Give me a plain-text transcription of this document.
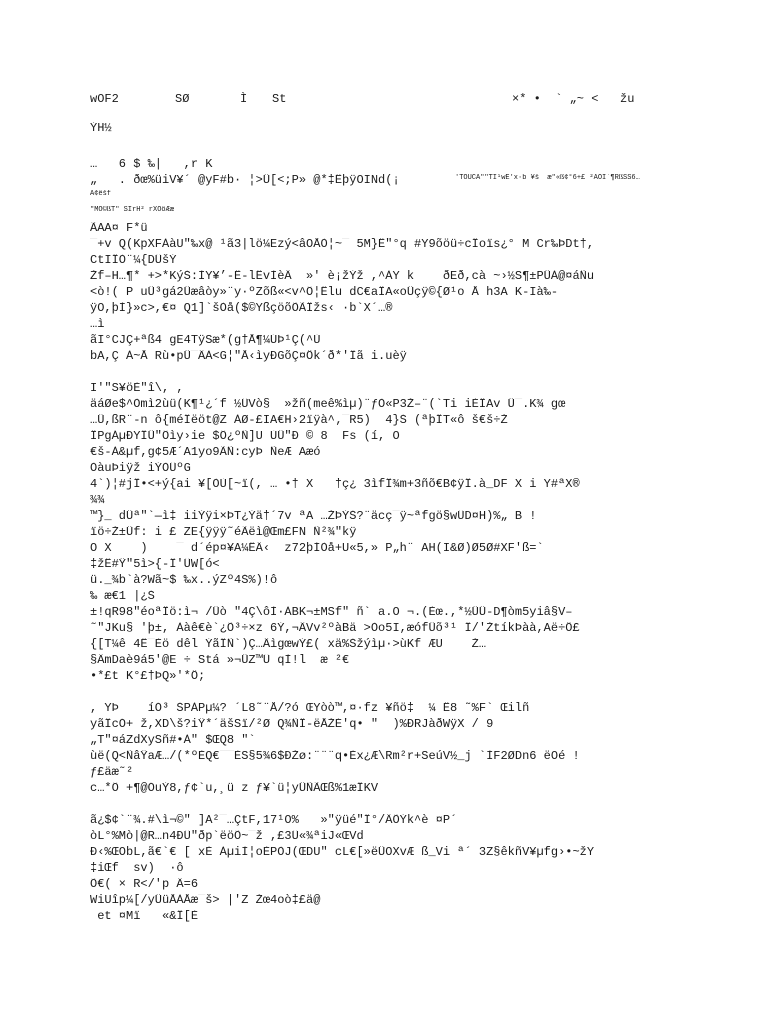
wOF2	SØ	Ì St	×* •  ` „~ <   žu
ÝH½
…   6 $ ‰|   ,r K
„   . ðœ%üiV¥´ @yF#b· ¦>Ü[<;P» @*‡ÊþÿOINd(¡
ÃAA¤ F*ü
¯+v Q(KpXFÀàU"‰x@ ¹ã3|lö¼Ezý<âOÅÒ¦~¯ 5M}Ë"°q #Y9õöü÷cÏoïs¿° M Cr‰ÞDt†,
CtIÏÒ¨¼{DÛšÝ
Žf–H…¶* +>*KýŠ:ÌY¥’-Ë-lÊvÌèÄ  »' è¡žÝž ,^ÀY k    ðEð,cà ~›½S¶±PÜÀ@¤áÑu
<ò!( P uÜ³gá2Üæâòy»¨y·ºZõß«<v^Ô¦Ëlu dC€aÏA«oÜçÿ©{Ø¹o Å h3A K-Ià‰-
ÿO,þÌ}»c>,€¤ Q1]`šÒå($©YßçöõÕÃÏžs‹ ·b`X´…®
…ì
ãI°CJÇ+ªß4 gE4TÿSæ*(g†Å¶¼ÚÞ¹Ç(^Ù
bA,Ç À~Å Rù•pÜ¯ÂÀ<G¦"Å‹ìyÐGõÇ¤Ök´ð*'Ïã i.uèÿ
I'"S¥öÈ"î\, ,
äáØe$^Òmì2ùü(K¶¹¿´f ½ÛVò§  »žñ(meê%ìµ)¨ƒÒ«P3Ž–¨(`Ti iÈÏAv Ü¯.K¾ gœ
…Ü,ßR¨-n ô{méÎëöt@Z ÀØ-£IA€H›2ïÿà^‚¯R5)  4}Š (ªþÏT«ô š€š÷Ž
ÏPgÁµÐYÏÜ"Ôìy›ie $Ô¿ºÑ]U ÙÜ"Ð © 8  Fs (í, O
€š-À&µf,g¢5Æ´A1yo9ÃÑ:cyÞ ÑeÆ Aæó
ÒàuÞiÿž iÝÒÛºG
4`)¦#jÏ•<+ý{ai ¥[ÒÙ[~ï(, … •† X   †ç¿ 3ìfÎ¾m+3ñõ€B¢ÿÎ.à_DF X i Y#ªX®
¾¾
™}_ dÜª"`—ì‡ iiÝÿi×ÞT¿Ýä†´7v ªA …ŽÞÝŠ?¨äcç¯ÿ~ªfgö§wÛD¤H)%„ B !
ïö÷Ž±Üf: i £ ZE{ÿÿÿ˜éÃëì@Œm£FN Ñ²¾"kÿ
O X    )    ¯ d´ép¤¥A¼ËÄ‹  z72þÍÒå+U«5,» P„h¨ AH(I&Ø)Ø5Ø#XF'ß=`
‡žÊ#Ÿ"5ì>{-Î'ÛW[ó<
ü._¾b`à?Wã~$ ‰x..ýZº4Š%)!ô
‰ æ€1 |¿Š
±!qR98"éoªÏö:ì¬ /Üò "4Ç\ôÌ·ÀBK¬±MSf" ñ` a.O ¬.(Èœ.,*½ÜÜ-D¶òm5yiâ§V–
˜"JKu§ 'þ±, Ààê€è`¿Õ³÷×z 6Ý,¬ÂVv²ºàBä >Òo5I,æófÜõ³¹ Ï/'ŽtíkÞàà,Aë÷Ö£
{[T¼ê 4Ë¯Èö dêl ÝãÏÑ`)Ç…ÄìgœwÝ£( xä%Šžýìµ·>ùKf ÆU    Ž…
§ÂmDaè9á5'@E ÷ Stá »¬ÜZ™Û qÌ!l  æ ²€
•*£t K°£†ÞQ»'*Ö;
, YÞ    íÓ³ ŠPÀPµ¼? ´L8˜¨Å/?ó ŒYòò™,¤·fz ¥ñö‡  ¼ Ë8 ˜%F` Œilñ
yãÎcÓ+ ž,XD\š?iŸ*´äšSï/²Ø Q¾ÑÏ-ëÅŽÉ'q• "  )%ÐRJàðWÿX / 9
„T"¤áZdXySñ#•À" $ŒQ8 "`
ùë(Q<ÑâŸaÆ…/(*ºÈQ€¯¯ÈS§5¾6$ÐŽø:¨¨¨q•Èx¿Æ\Rm²r+SeúV½_j `ÌF2ØDn6 ëOé !
ƒ£äæ˜²
c…*Ô +¶@ÓuÝ8,ƒ¢`u,¸ü z ƒ¥`ü¦yÜÑÃŒß%1æÏKV
ã¿$¢`¨¾.#\ì¬©" ]A²¯…ÇtF,17¹O%   »"ÿüé"Ï°/ÄÕÝk^è ¤P´
òL°%Mò|@R…n4ÐÛ"ðp`ëöÕ~¯ž ,£3Û«¾ªiJ«ŒVd
Ð‹%ŒObL,ã€`€ [ xÈ ÀµiÌ¦oÈPÒJ(ŒDU" cL€[»ëÜOXvÆ ß_Vi ª´ 3Z§êkñV¥µfg›•~žY
‡iŒf  sv)  ·ô
Õ€( × R</'p Â=6
WiUîp¼[/yÜüÅÀÅæ¯š> |'Z Žœ4oò‡£ä@
et ¤Mï   «&Ï[È
'TÖÜCÃ""TÏ¹wË'x·b ¥š  æ"«ß¢°6+£ ²ÂÒÏ`¶RßŠŠ6…
Ä¢ëšf
"MÔ©ßT" SÏrH² rXÕöÆæ
